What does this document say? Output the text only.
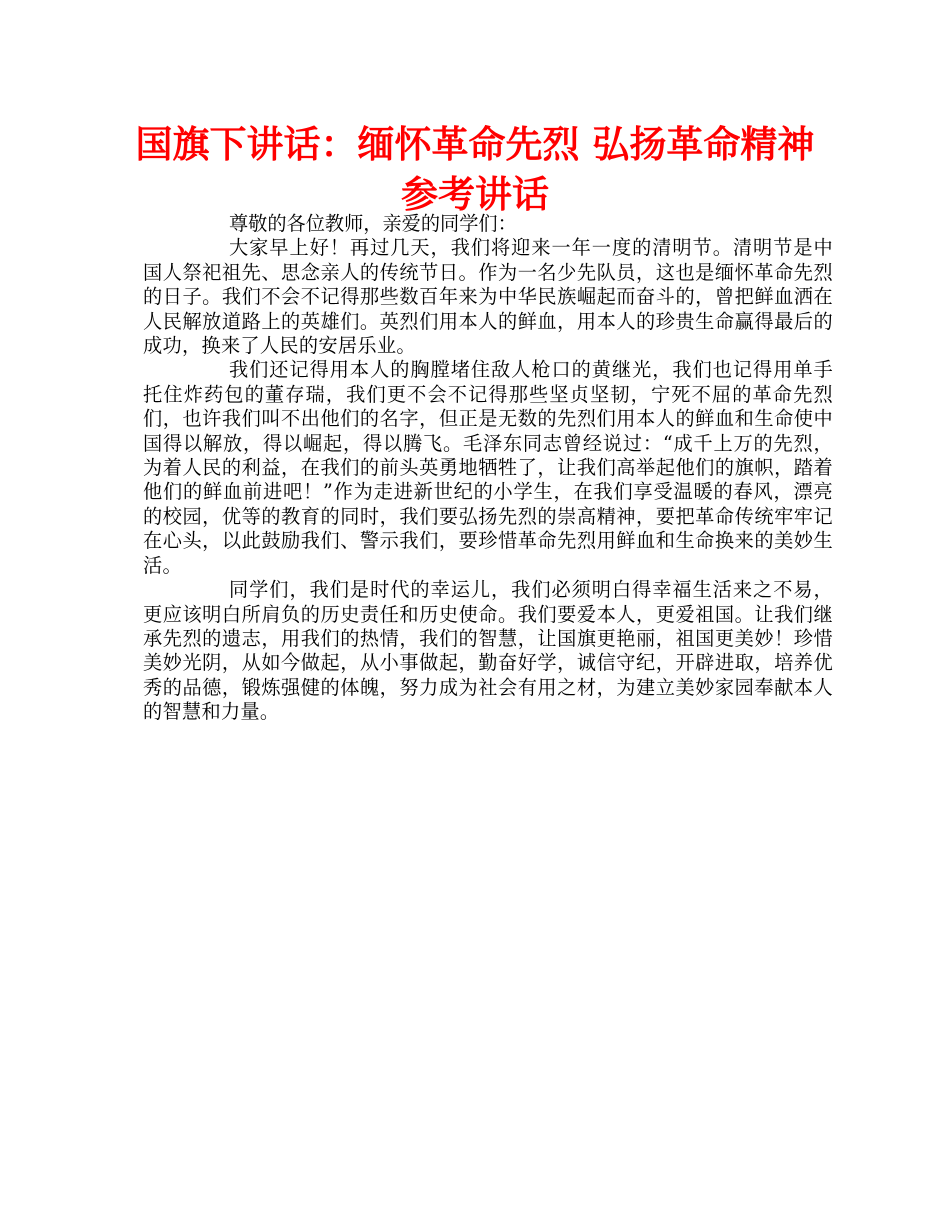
国旗下讲话：缅怀革命先烈 弘扬革命精神
参考讲话

尊敬的各位教师，亲爱的同学们：

大家早上好！再过几天，我们将迎来一年一度的清明节。清明节是中国人祭祀祖先、思念亲人的传统节日。作为一名少先队员，这也是缅怀革命先烈的日子。我们不会不记得那些数百年来为中华民族崛起而奋斗的，曾把鲜血洒在人民解放道路上的英雄们。英烈们用本人的鲜血，用本人的珍贵生命赢得最后的成功，换来了人民的安居乐业。

我们还记得用本人的胸膛堵住敌人枪口的黄继光，我们也记得用单手托住炸药包的董存瑞，我们更不会不记得那些坚贞坚韧，宁死不屈的革命先烈们，也许我们叫不出他们的名字，但正是无数的先烈们用本人的鲜血和生命使中国得以解放，得以崛起，得以腾飞。毛泽东同志曾经说过：“成千上万的先烈，为着人民的利益，在我们的前头英勇地牺牲了，让我们高举起他们的旗帜，踏着他们的鲜血前进吧！”作为走进新世纪的小学生，在我们享受温暖的春风，漂亮的校园，优等的教育的同时，我们要弘扬先烈的崇高精神，要把革命传统牢牢记在心头，以此鼓励我们、警示我们，要珍惜革命先烈用鲜血和生命换来的美妙生活。

同学们，我们是时代的幸运儿，我们必须明白得幸福生活来之不易，更应该明白所肩负的历史责任和历史使命。我们要爱本人，更爱祖国。让我们继承先烈的遗志，用我们的热情，我们的智慧，让国旗更艳丽，祖国更美妙！珍惜美妙光阴，从如今做起，从小事做起，勤奋好学，诚信守纪，开辟进取，培养优秀的品德，锻炼强健的体魄，努力成为社会有用之材，为建立美妙家园奉献本人的智慧和力量。
